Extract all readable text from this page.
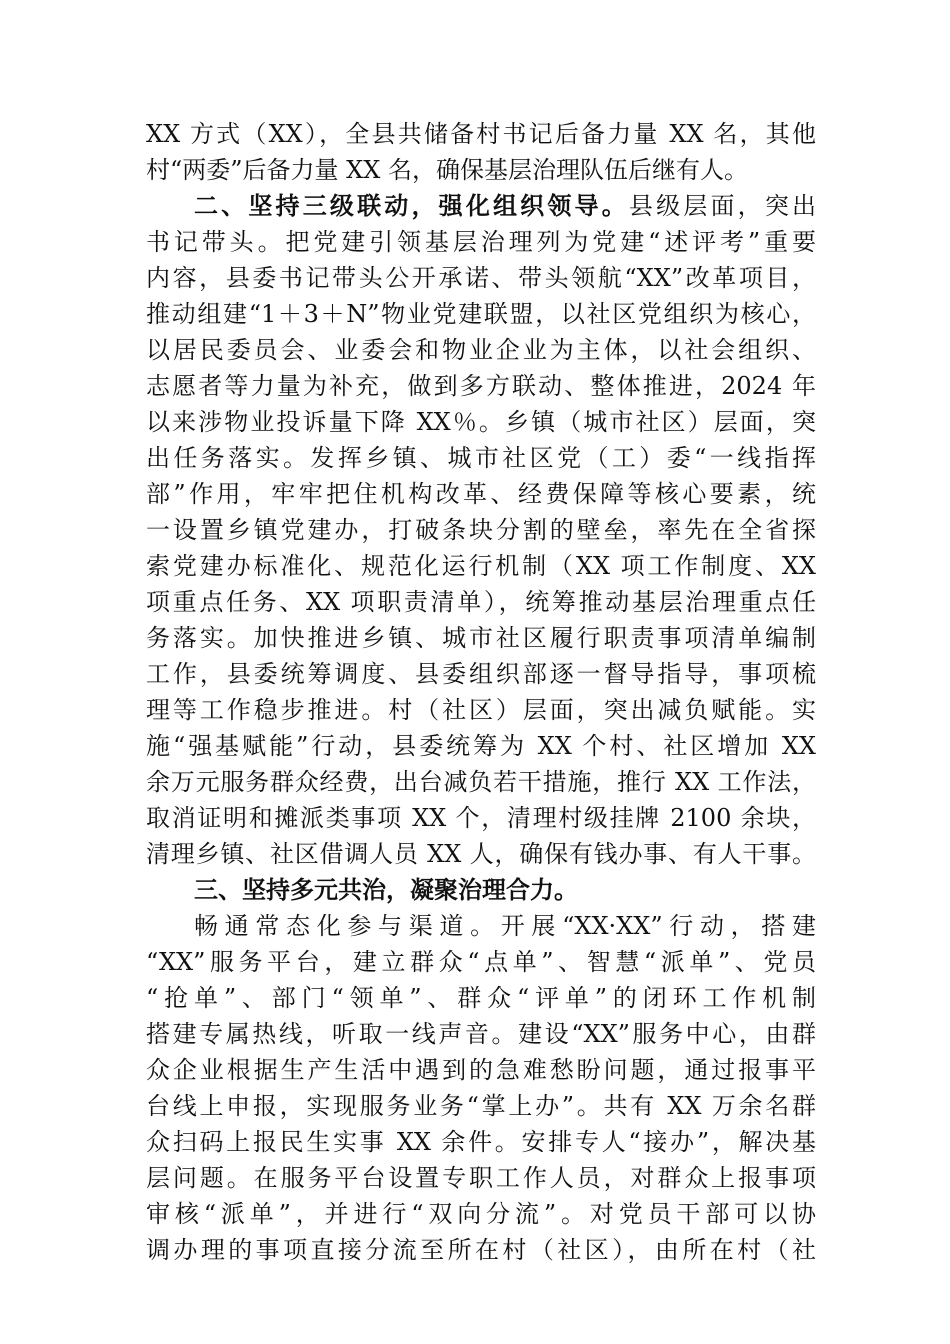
XX 方式（XX），全县共储备村书记后备力量 XX 名，其他
村“两委”后备力量 XX 名，确保基层治理队伍后继有人。
二、坚持三级联动，强化组织领导。县级层面，突出
书记带头。把党建引领基层治理列为党建“述评考”重要
内容，县委书记带头公开承诺、带头领航“XX”改革项目，
推动组建“1＋3＋N”物业党建联盟，以社区党组织为核心，
以居民委员会、业委会和物业企业为主体，以社会组织、
志愿者等力量为补充，做到多方联动、整体推进，2024 年
以来涉物业投诉量下降 XX％。乡镇（城市社区）层面，突
出任务落实。发挥乡镇、城市社区党（工）委“一线指挥
部”作用，牢牢把住机构改革、经费保障等核心要素，统
一设置乡镇党建办，打破条块分割的壁垒，率先在全省探
索党建办标准化、规范化运行机制（XX 项工作制度、XX
项重点任务、XX 项职责清单），统筹推动基层治理重点任
务落实。加快推进乡镇、城市社区履行职责事项清单编制
工作，县委统筹调度、县委组织部逐一督导指导，事项梳
理等工作稳步推进。村（社区）层面，突出减负赋能。实
施“强基赋能”行动，县委统筹为 XX 个村、社区增加 XX
余万元服务群众经费，出台减负若干措施，推行 XX 工作法，
取消证明和摊派类事项 XX 个，清理村级挂牌 2100 余块，
清理乡镇、社区借调人员 XX 人，确保有钱办事、有人干事。
三、坚持多元共治，凝聚治理合力。
畅通常态化参与渠道。开展“XX·XX”行动，搭建
“XX”服务平台，建立群众“点单”、智慧“派单”、党员
“抢单”、部门“领单”、群众“评单”的闭环工作机制
搭建专属热线，听取一线声音。建设“XX”服务中心，由群
众企业根据生产生活中遇到的急难愁盼问题，通过报事平
台线上申报，实现服务业务“掌上办”。共有 XX 万余名群
众扫码上报民生实事 XX 余件。安排专人“接办”，解决基
层问题。在服务平台设置专职工作人员，对群众上报事项
审核“派单”，并进行“双向分流”。对党员干部可以协
调办理的事项直接分流至所在村（社区），由所在村（社
